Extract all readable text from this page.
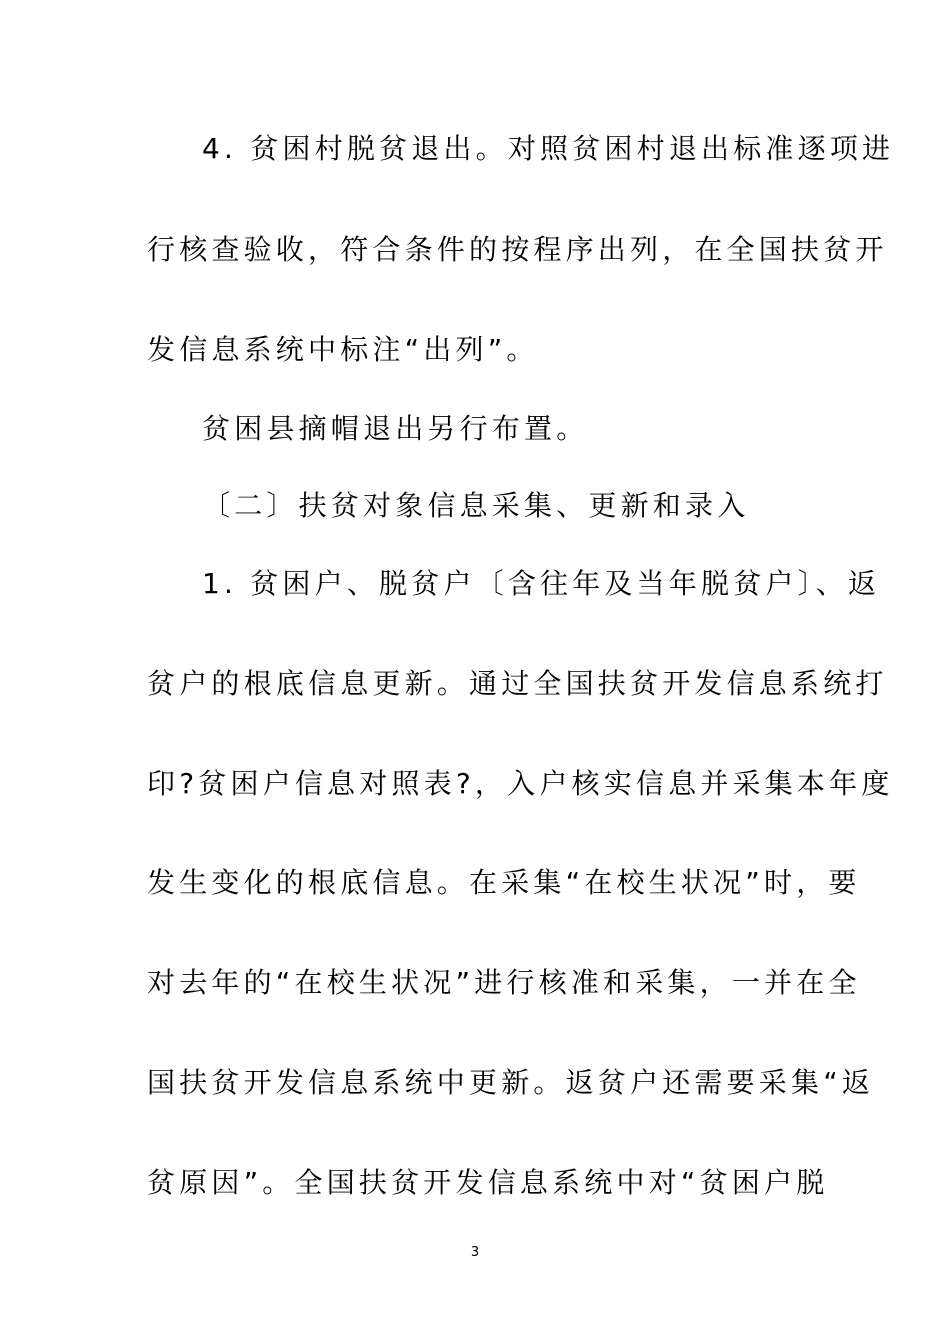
4. 贫困村脱贫退出。对照贫困村退出标准逐项进
行核查验收，符合条件的按程序出列，在全国扶贫开
发信息系统中标注“出列”。
贫困县摘帽退出另行布置。
〔二〕扶贫对象信息采集、更新和录入
1. 贫困户、脱贫户〔含往年及当年脱贫户〕、返
贫户的根底信息更新。通过全国扶贫开发信息系统打
印?贫困户信息对照表?，入户核实信息并采集本年度
发生变化的根底信息。在采集“在校生状况”时，要
对去年的“在校生状况”进行核准和采集，一并在全
国扶贫开发信息系统中更新。返贫户还需要采集“返
贫原因”。全国扶贫开发信息系统中对“贫困户脱
3
